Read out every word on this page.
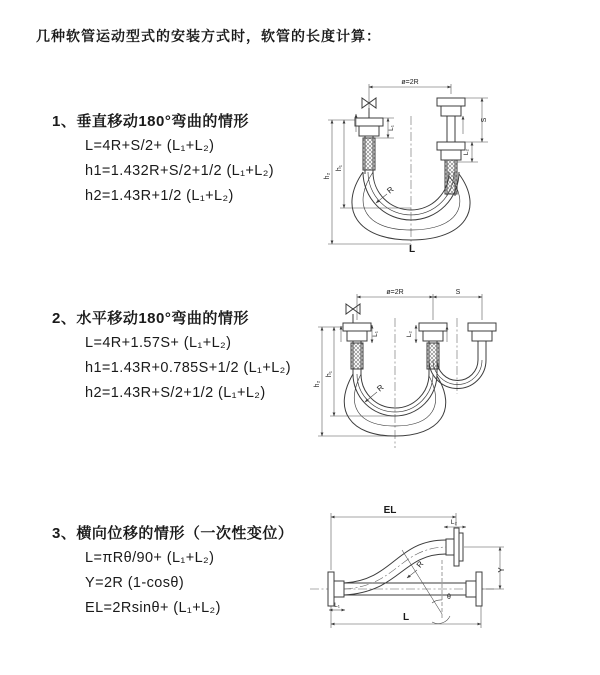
几种软管运动型式的安装方式时，软管的长度计算：
1、垂直移动180°弯曲的情形
L=4R+S/2+ (L₁+L₂)
h1=1.432R+S/2+1/2 (L₁+L₂)
h2=1.43R+1/2 (L₁+L₂)
2、水平移动180°弯曲的情形
L=4R+1.57S+ (L₁+L₂)
h1=1.43R+0.785S+1/2 (L₁+L₂)
h2=1.43R+S/2+1/2 (L₁+L₂)
3、横向位移的情形（一次性变位）
L=πRθ/90+ (L₁+L₂)
Y=2R (1-cosθ)
EL=2Rsinθ+ (L₁+L₂)
ø=2R
h₂
h₁
L₁
S
L₂
R
L
ø=2R	S
h₂
h₁
L₁	L₂
R
EL
L₂
Y
L
L₁
R
θ
